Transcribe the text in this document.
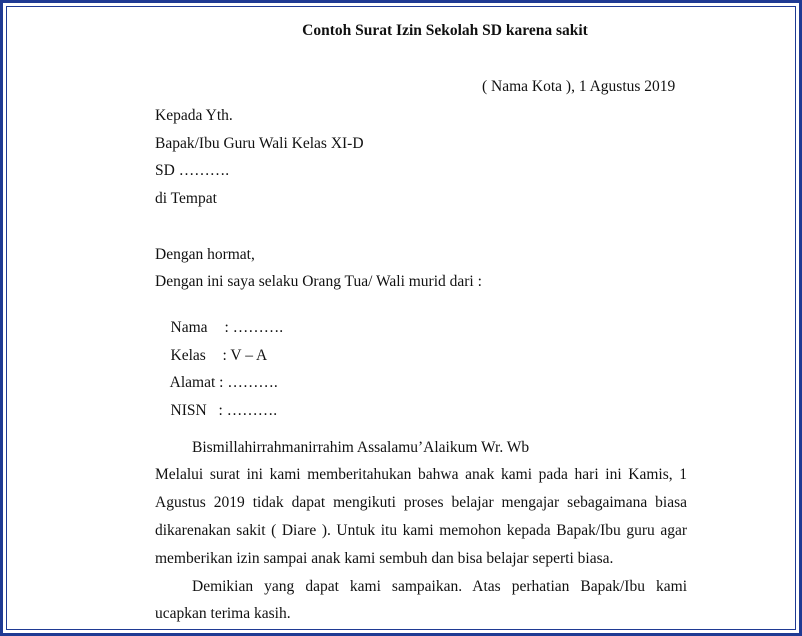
Contoh Surat Izin Sekolah SD karena sakit
( Nama Kota ), 1 Agustus 2019
Kepada Yth.
Bapak/Ibu Guru Wali Kelas XI-D
SD ……….
di Tempat
Dengan hormat,
Dengan ini saya selaku Orang Tua/ Wali murid dari :

Nama : ……….

Kelas : V – A

Alamat : ……….

NISN : ……….

Bismillahirrahmanirrahim Assalamu’Alaikum Wr. Wb
Melalui surat ini kami memberitahukan bahwa anak kami pada hari ini Kamis, 1
Agustus 2019 tidak dapat mengikuti proses belajar mengajar sebagaimana biasa
dikarenakan sakit ( Diare ). Untuk itu kami memohon kepada Bapak/Ibu guru agar
memberikan izin sampai anak kami sembuh dan bisa belajar seperti biasa.
Demikian yang dapat kami sampaikan. Atas perhatian Bapak/Ibu kami
ucapkan terima kasih.
